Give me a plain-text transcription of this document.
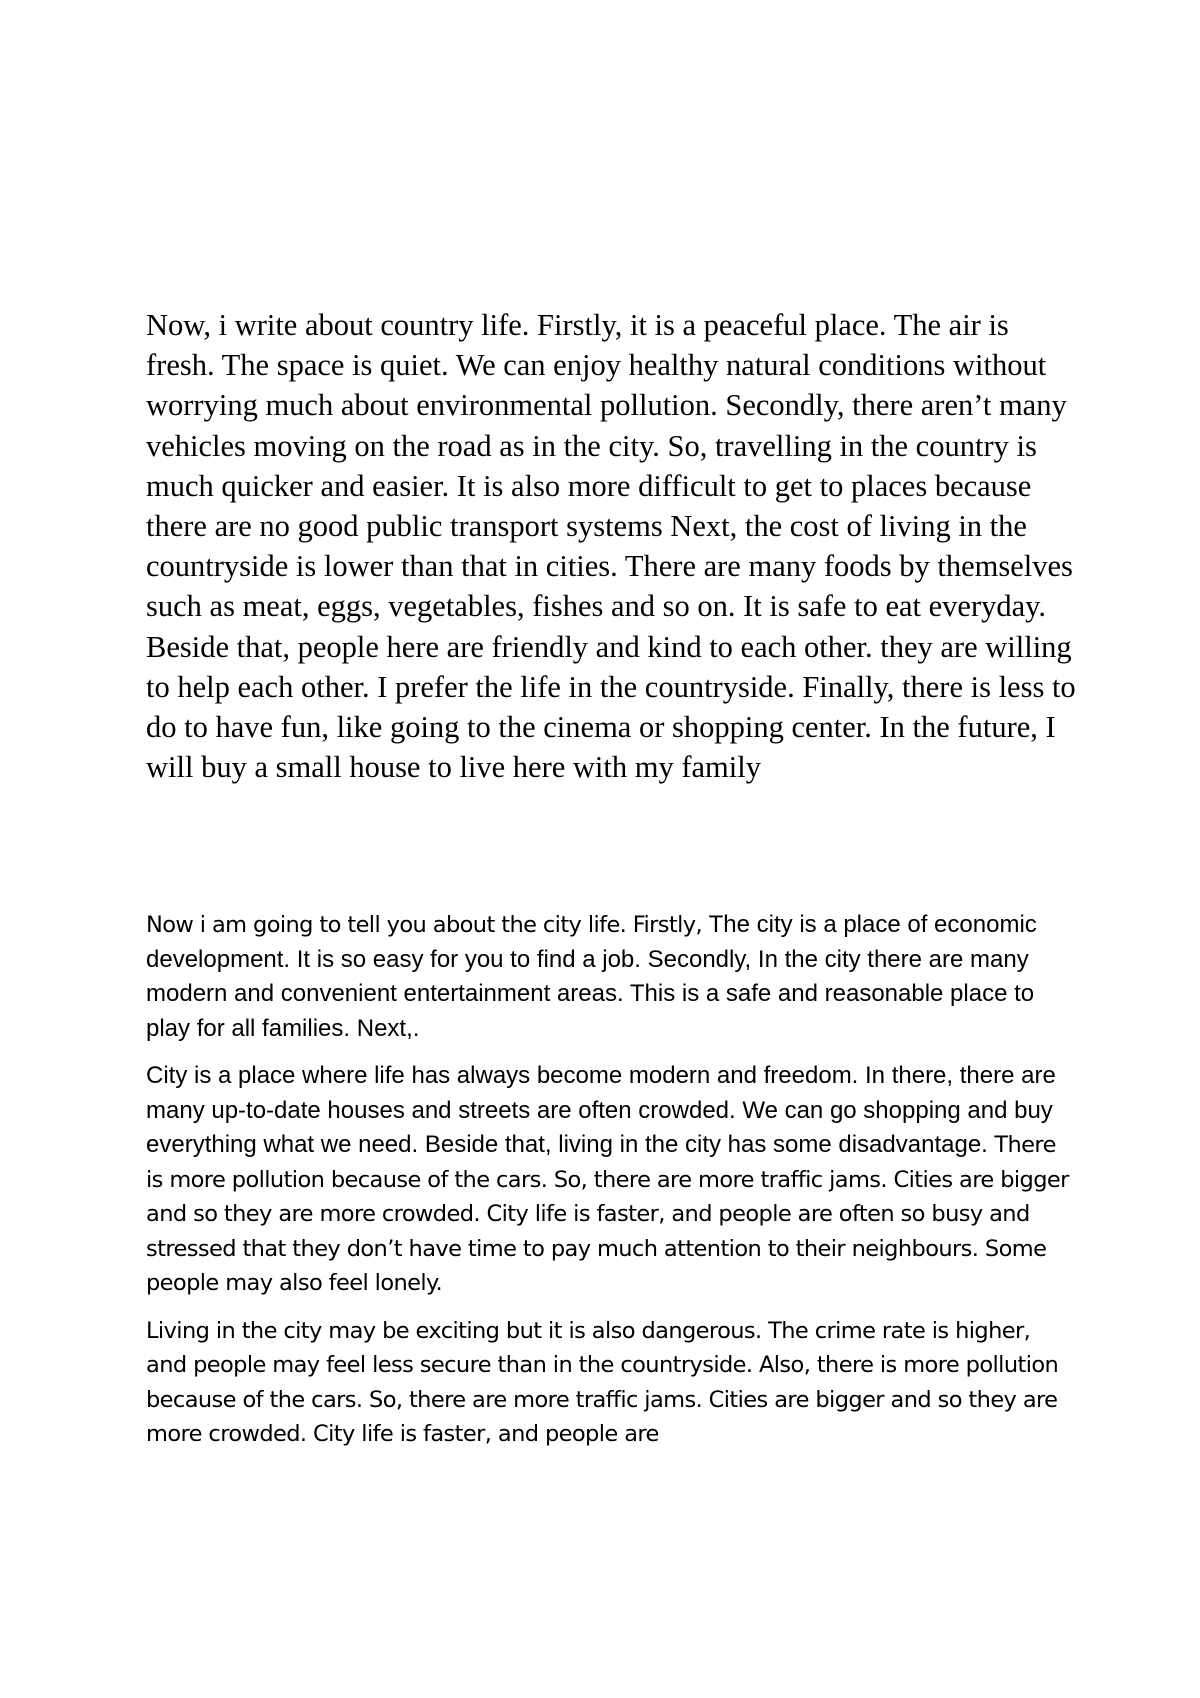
Now, i write about country life. Firstly, it is a peaceful place. The air is fresh. The space is quiet. We can enjoy healthy natural conditions without worrying much about environmental pollution. Secondly, there aren’t many vehicles moving on the road as in the city. So, travelling in the country is much quicker and easier. It is also more difficult to get to places because there are no good public transport systems Next, the cost of living in the countryside is lower than that in cities. There are many foods by themselves such as meat, eggs, vegetables, fishes and so on. It is safe to eat everyday. Beside that, people here are friendly and kind to each other. they are willing to help each other. I prefer the life in the countryside. Finally, there is less to do to have fun, like going to the cinema or shopping center. In the future, I will buy a small house to live here with my family

Now i am going to tell you about the city life. Firstly, The city is a place of economic development. It is so easy for you to find a job. Secondly, In the city there are many modern and convenient entertainment areas. This is a safe and reasonable place to play for all families. Next,.

City is a place where life has always become modern and freedom. In there, there are many up-to-date houses and streets are often crowded. We can go shopping and buy everything what we need. Beside that, living in the city has some disadvantage. There is more pollution because of the cars. So, there are more traffic jams. Cities are bigger and so they are more crowded. City life is faster, and people are often so busy and stressed that they don’t have time to pay much attention to their neighbours. Some people may also feel lonely.

Living in the city may be exciting but it is also dangerous. The crime rate is higher, and people may feel less secure than in the countryside. Also, there is more pollution because of the cars. So, there are more traffic jams. Cities are bigger and so they are more crowded. City life is faster, and people are
